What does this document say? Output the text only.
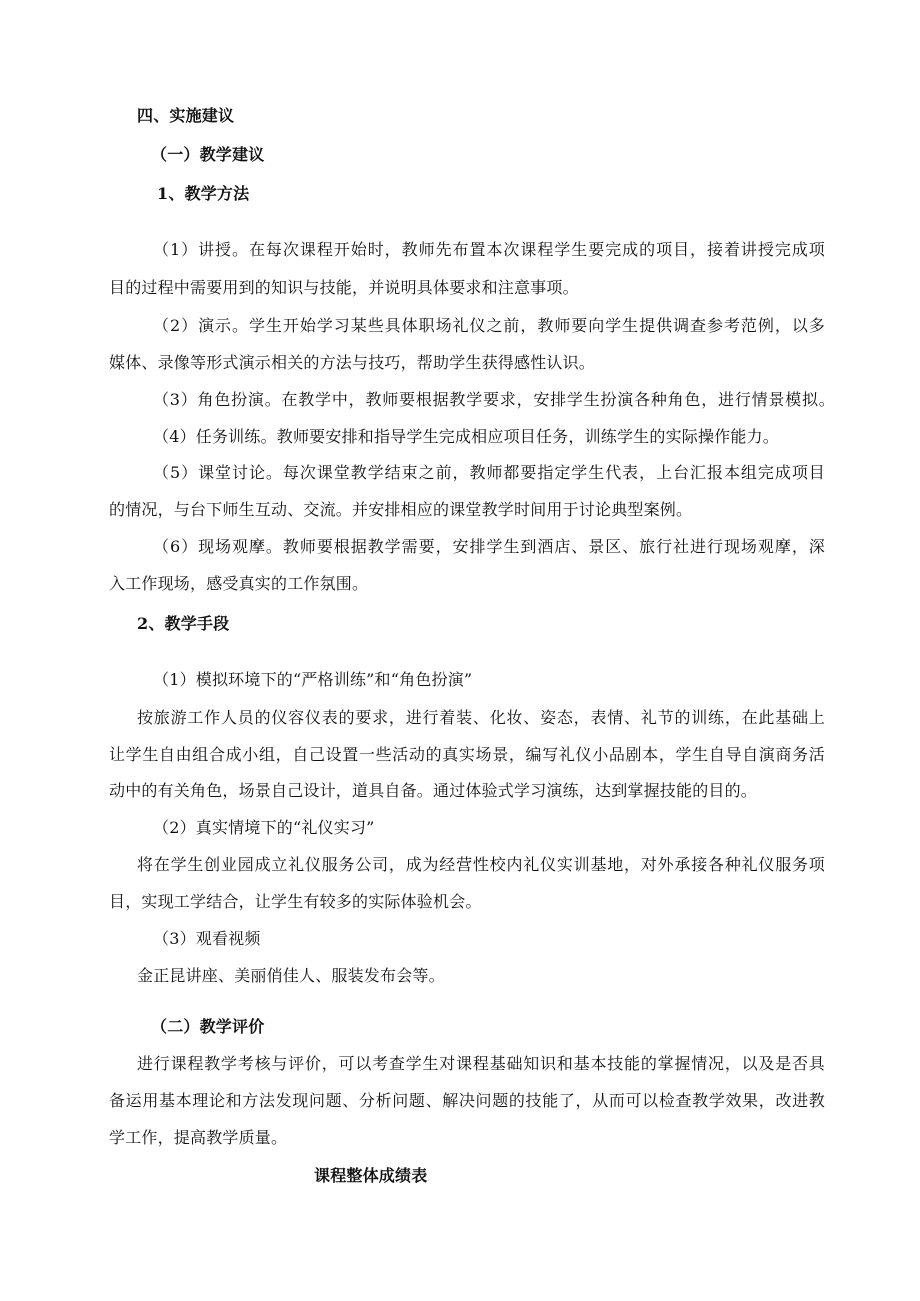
四、实施建议
（一）教学建议
1、教学方法
（1）讲授。在每次课程开始时，教师先布置本次课程学生要完成的项目，接着讲授完成项
目的过程中需要用到的知识与技能，并说明具体要求和注意事项。
（2）演示。学生开始学习某些具体职场礼仪之前，教师要向学生提供调查参考范例，以多
媒体、录像等形式演示相关的方法与技巧，帮助学生获得感性认识。
（3）角色扮演。在教学中，教师要根据教学要求，安排学生扮演各种角色，进行情景模拟。
（4）任务训练。教师要安排和指导学生完成相应项目任务，训练学生的实际操作能力。
（5）课堂讨论。每次课堂教学结束之前，教师都要指定学生代表，上台汇报本组完成项目
的情况，与台下师生互动、交流。并安排相应的课堂教学时间用于讨论典型案例。
（6）现场观摩。教师要根据教学需要，安排学生到酒店、景区、旅行社进行现场观摩，深
入工作现场，感受真实的工作氛围。
2、教学手段
（1）模拟环境下的“严格训练”和“角色扮演”
按旅游工作人员的仪容仪表的要求，进行着装、化妆、姿态，表情、礼节的训练，在此基础上
让学生自由组合成小组，自己设置一些活动的真实场景，编写礼仪小品剧本，学生自导自演商务活
动中的有关角色，场景自己设计，道具自备。通过体验式学习演练，达到掌握技能的目的。
（2）真实情境下的“礼仪实习”
将在学生创业园成立礼仪服务公司，成为经营性校内礼仪实训基地，对外承接各种礼仪服务项
目，实现工学结合，让学生有较多的实际体验机会。
（3）观看视频
金正昆讲座、美丽俏佳人、服装发布会等。
（二）教学评价
进行课程教学考核与评价，可以考查学生对课程基础知识和基本技能的掌握情况，以及是否具
备运用基本理论和方法发现问题、分析问题、解决问题的技能了，从而可以检查教学效果，改进教
学工作，提高教学质量。
课程整体成绩表
